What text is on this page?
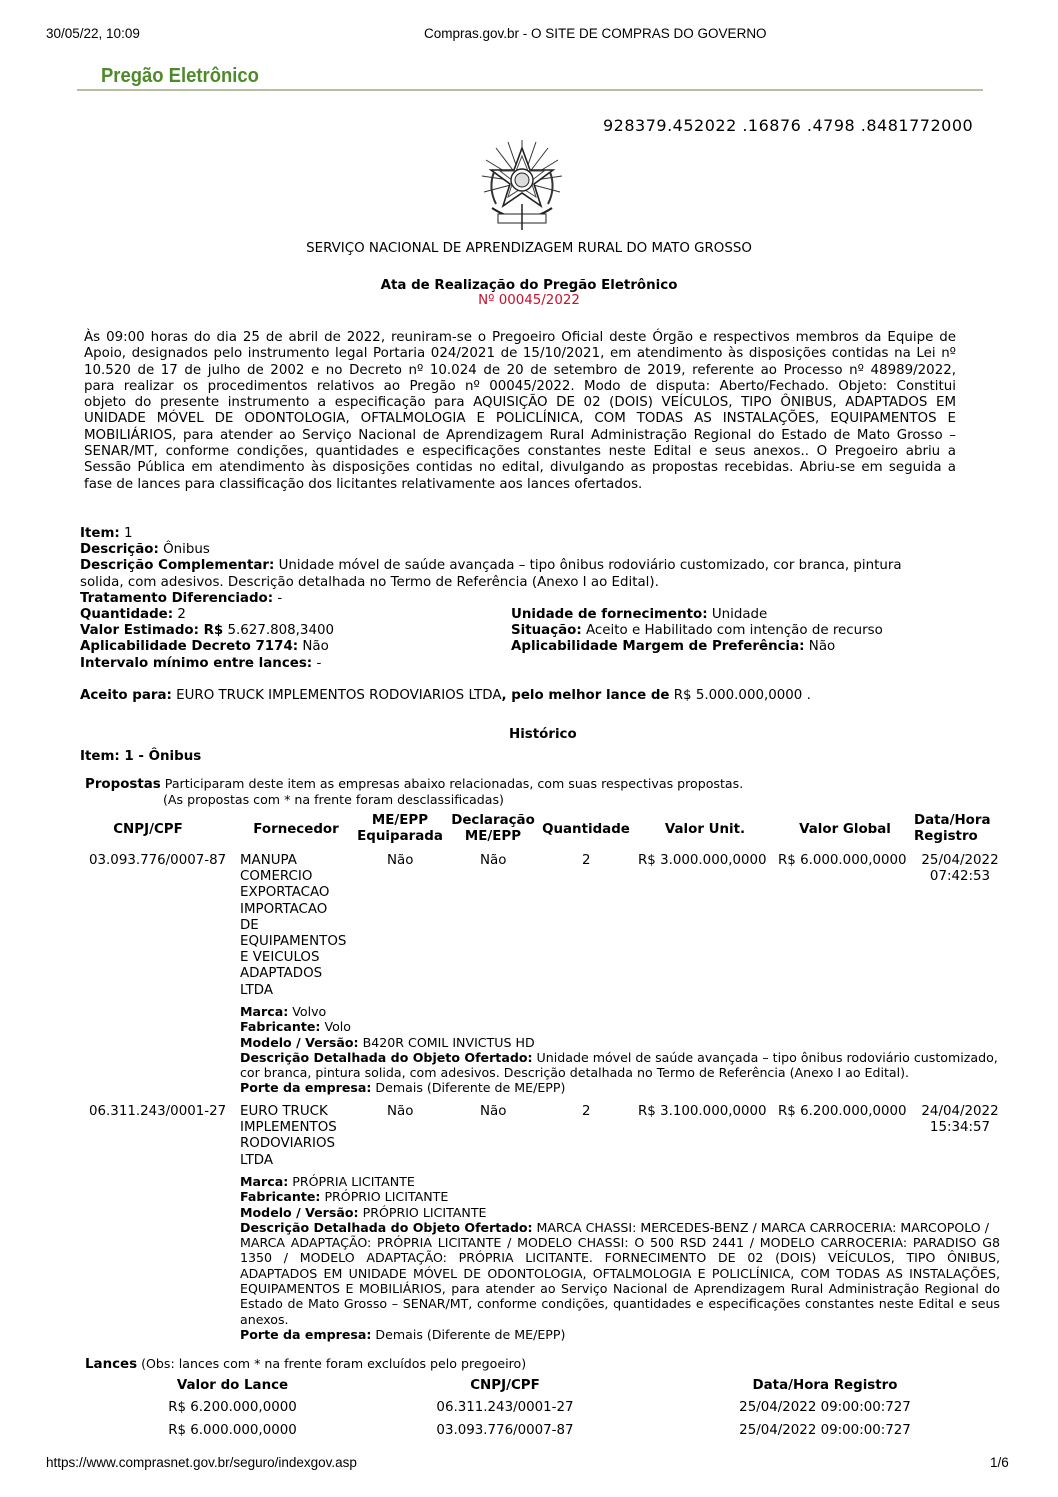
30/05/22, 10:09	Compras.gov.br - O SITE DE COMPRAS DO GOVERNO
Pregão Eletrônico
928379.452022 .16876 .4798 .8481772000
SERVIÇO NACIONAL DE APRENDIZAGEM RURAL DO MATO GROSSO
Ata de Realização do Pregão Eletrônico
Nº 00045/2022
Às 09:00 horas do dia 25 de abril de 2022, reuniram-se o Pregoeiro Oficial deste Órgão e respectivos membros da Equipe de
Apoio, designados pelo instrumento legal Portaria 024/2021 de 15/10/2021, em atendimento às disposições contidas na Lei nº
10.520 de 17 de julho de 2002 e no Decreto nº 10.024 de 20 de setembro de 2019, referente ao Processo nº 48989/2022,
para realizar os procedimentos relativos ao Pregão nº 00045/2022. Modo de disputa: Aberto/Fechado. Objeto: Constitui
objeto do presente instrumento a especificação para AQUISIÇÃO DE 02 (DOIS) VEÍCULOS, TIPO ÔNIBUS, ADAPTADOS EM
UNIDADE MÓVEL DE ODONTOLOGIA, OFTALMOLOGIA E POLICLÍNICA, COM TODAS AS INSTALAÇÕES, EQUIPAMENTOS E
MOBILIÁRIOS, para atender ao Serviço Nacional de Aprendizagem Rural Administração Regional do Estado de Mato Grosso –
SENAR/MT, conforme condições, quantidades e especificações constantes neste Edital e seus anexos.. O Pregoeiro abriu a
Sessão Pública em atendimento às disposições contidas no edital, divulgando as propostas recebidas. Abriu-se em seguida a
fase de lances para classificação dos licitantes relativamente aos lances ofertados.
Item: 1
Descrição: Ônibus
Descrição Complementar: Unidade móvel de saúde avançada – tipo ônibus rodoviário customizado, cor branca, pintura
solida, com adesivos. Descrição detalhada no Termo de Referência (Anexo I ao Edital).
Tratamento Diferenciado: -
Quantidade: 2
Valor Estimado: R$ 5.627.808,3400
Aplicabilidade Decreto 7174: Não
Intervalo mínimo entre lances: -
Unidade de fornecimento: Unidade
Situação: Aceito e Habilitado com intenção de recurso
Aplicabilidade Margem de Preferência: Não
Aceito para: EURO TRUCK IMPLEMENTOS RODOVIARIOS LTDA, pelo melhor lance de R$ 5.000.000,0000 .
Histórico
Item: 1 - Ônibus
Propostas Participaram deste item as empresas abaixo relacionadas, com suas respectivas propostas.
(As propostas com * na frente foram desclassificadas)
CNPJ/CPF	Fornecedor
ME/EPP
Equiparada
Declaração
ME/EPP	Quantidade	Valor Unit.	Valor Global
Data/Hora
Registro
03.093.776/0007-87 MANUPA
COMERCIO
EXPORTACAO
IMPORTACAO
DE
EQUIPAMENTOS
E VEICULOS
ADAPTADOS
LTDA
Não	Não	2	R$ 3.000.000,0000 R$ 6.000.000,0000	25/04/2022
07:42:53
Marca: Volvo
Fabricante: Volo
Modelo / Versão: B420R COMIL INVICTUS HD
Descrição Detalhada do Objeto Ofertado: Unidade móvel de saúde avançada – tipo ônibus rodoviário customizado,
cor branca, pintura solida, com adesivos. Descrição detalhada no Termo de Referência (Anexo I ao Edital).
Porte da empresa: Demais (Diferente de ME/EPP)
06.311.243/0001-27 EURO TRUCK
IMPLEMENTOS
RODOVIARIOS
LTDA
Não	Não	2	R$ 3.100.000,0000 R$ 6.200.000,0000	24/04/2022
15:34:57
Marca: PRÓPRIA LICITANTE
Fabricante: PRÓPRIO LICITANTE
Modelo / Versão: PRÓPRIO LICITANTE
Descrição Detalhada do Objeto Ofertado: MARCA CHASSI: MERCEDES-BENZ / MARCA CARROCERIA: MARCOPOLO /
MARCA ADAPTAÇÃO: PRÓPRIA LICITANTE / MODELO CHASSI: O 500 RSD 2441 / MODELO CARROCERIA: PARADISO G8
1350 / MODELO ADAPTAÇÃO: PRÓPRIA LICITANTE. FORNECIMENTO DE 02 (DOIS) VEÍCULOS, TIPO ÔNIBUS,
ADAPTADOS EM UNIDADE MÓVEL DE ODONTOLOGIA, OFTALMOLOGIA E POLICLÍNICA, COM TODAS AS INSTALAÇÕES,
EQUIPAMENTOS E MOBILIÁRIOS, para atender ao Serviço Nacional de Aprendizagem Rural Administração Regional do
Estado de Mato Grosso – SENAR/MT, conforme condições, quantidades e especificações constantes neste Edital e seus
anexos.
Porte da empresa: Demais (Diferente de ME/EPP)
Lances (Obs: lances com * na frente foram excluídos pelo pregoeiro)
Valor do Lance	CNPJ/CPF	Data/Hora Registro
R$ 6.200.000,0000	06.311.243/0001-27	25/04/2022 09:00:00:727
R$ 6.000.000,0000	03.093.776/0007-87	25/04/2022 09:00:00:727
https://www.comprasnet.gov.br/seguro/indexgov.asp	1/6
